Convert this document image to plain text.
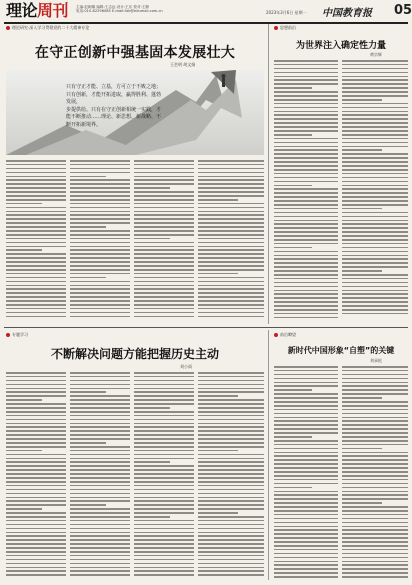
理论周刊 主编:赵婀娜 编辑:王志远 设计:王乐 校对:王静
电话:010-82296085 E-mail:llzk@edumail.com.cn	2023年3月6日 星期一 中国教育报 05
理论研究·深入学习贯彻党的二十大精神专论
在守正创新中强基固本发展壮大
王会明 胡文娟
只有守正才能、立基，方可立于不败之地；只有创新，才能开拓进取，赢得胜利、蓬勃发展，
步提供给。只有在守正创新相统一实践，才能不断推动……理论、新思想、新战略、不断开拓新境界。
思想前沿
为世界注入确定性力量
黄宗辉
前沿瞭望
新时代中国形象“自塑”的关键
刘承松
专题学习
不断解决问题方能把握历史主动
刘小雨
